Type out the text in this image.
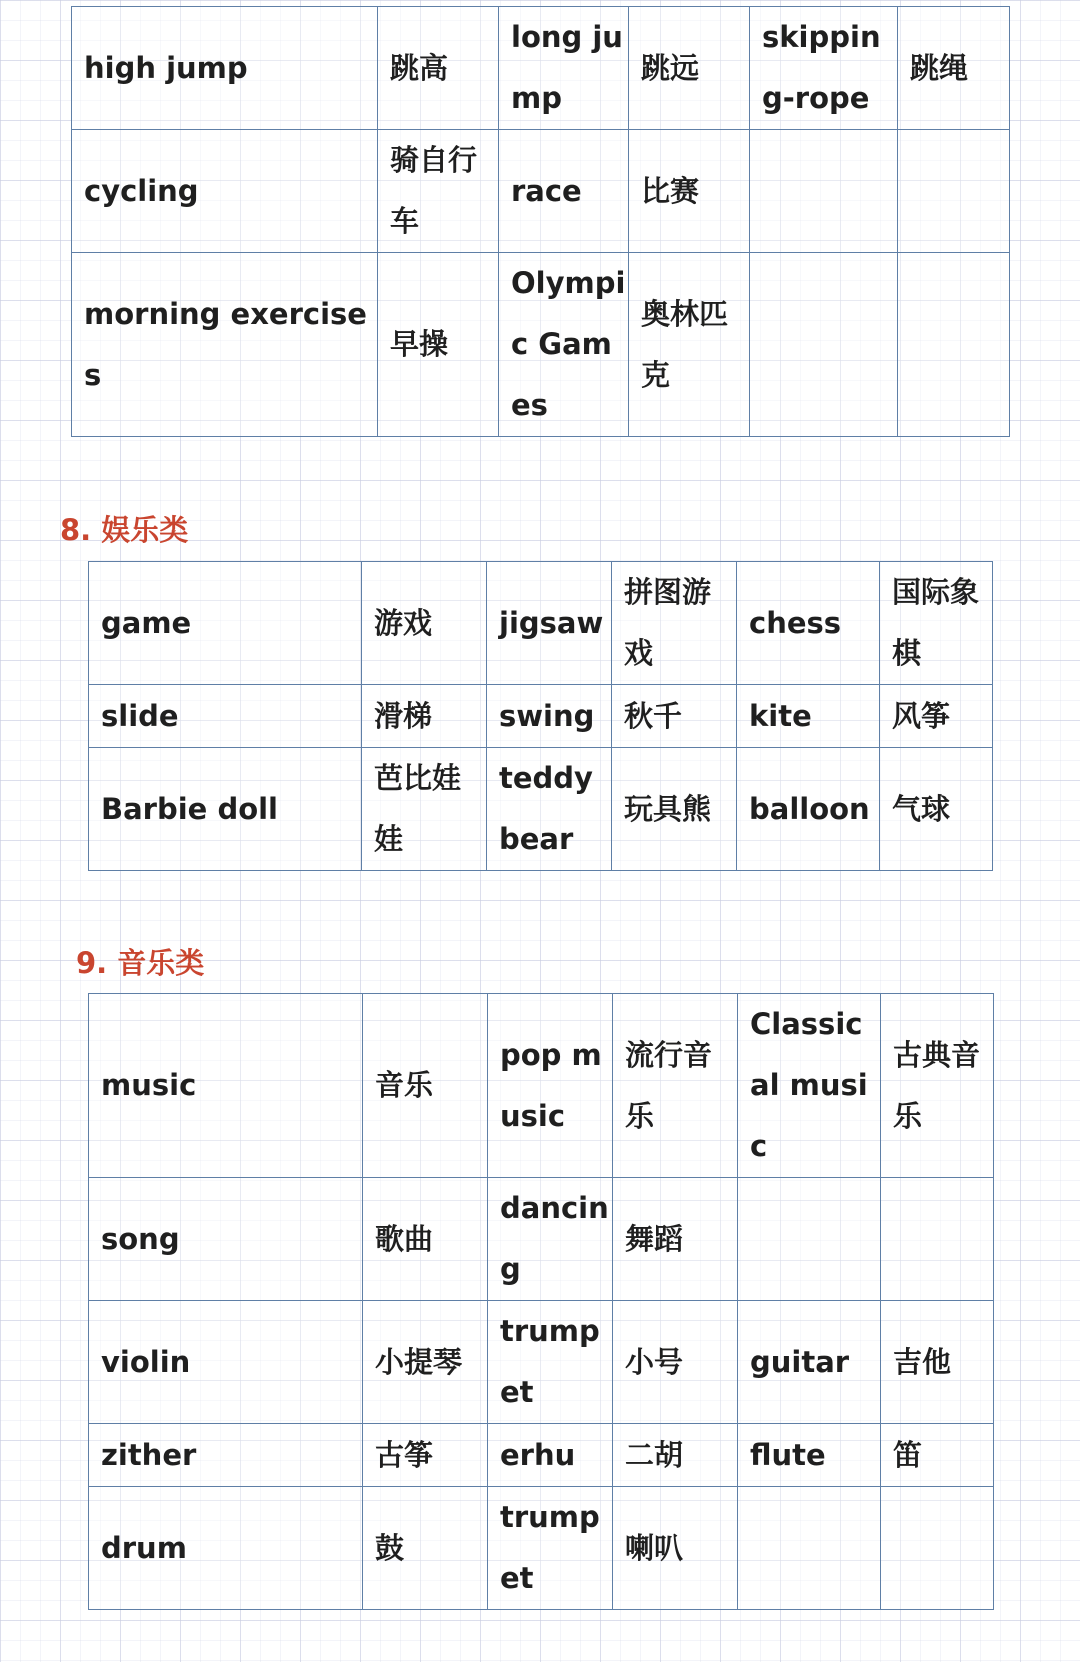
high jump	跳高	long jump	跳远	skipping-rope	跳绳
cycling	骑自行车	race	比赛		
morning exercises	早操	Olympic Games	奥林匹克		
8. 娱乐类
game	游戏	jigsaw	拼图游戏	chess	国际象棋
slide	滑梯	swing	秋千	kite	风筝
Barbie doll	芭比娃娃	teddy bear	玩具熊	balloon	气球
9. 音乐类
music	音乐	pop music	流行音乐	Classical music	古典音乐
song	歌曲	dancing	舞蹈		
violin	小提琴	trumpet	小号	guitar	吉他
zither	古筝	erhu	二胡	flute	笛
drum	鼓	trumpet	喇叭		
